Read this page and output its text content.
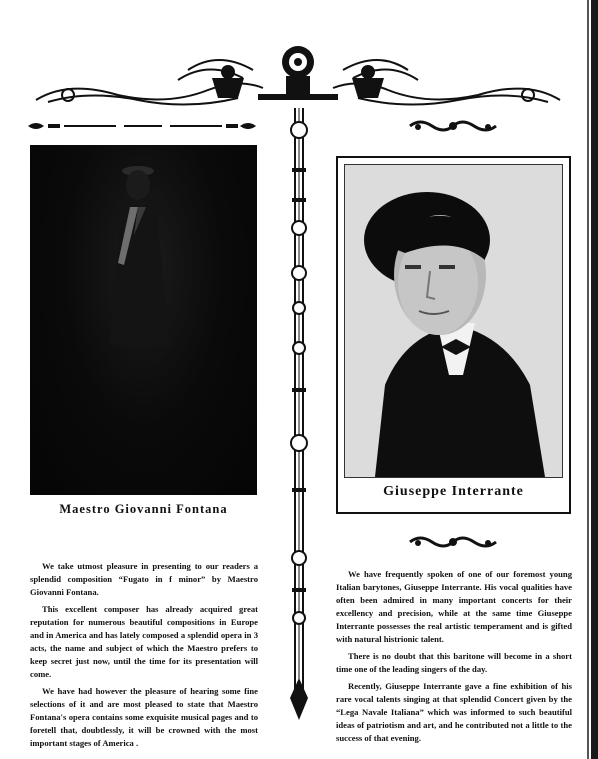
Maestro Giovanni Fontana
Giuseppe Interrante

We take utmost pleasure in presenting to our readers a splendid composition “Fugato in f minor” by Maestro Giovanni Fontana.

This excellent composer has already acquired great reputation for numerous beautiful compositions in Europe and in America and has lately composed a splendid opera in 3 acts, the name and subject of which the Maestro prefers to keep secret just now, until the time for its presentation will come.

We have had however the pleasure of hearing some fine selections of it and are most pleased to state that Maestro Fontana's opera contains some exquisite musical pages and to foretell that, doubtlessly, it will be crowned with the most important stages of America .

We have frequently spoken of one of our foremost young Italian barytones, Giuseppe Interrante. His vocal qualities have often been admired in many important concerts for their excellency and precision, while at the same time Giuseppe Interrante possesses the real artistic temperament and is gifted with natural histrionic talent.

There is no doubt that this baritone will become in a short time one of the leading singers of the day.

Recently, Giuseppe Interrante gave a fine exhibition of his rare vocal talents singing at that splendid Concert given by the “Lega Navale Italiana” which was informed to such beautiful ideas of patriotism and art, and he contributed not a little to the success of that evening.
